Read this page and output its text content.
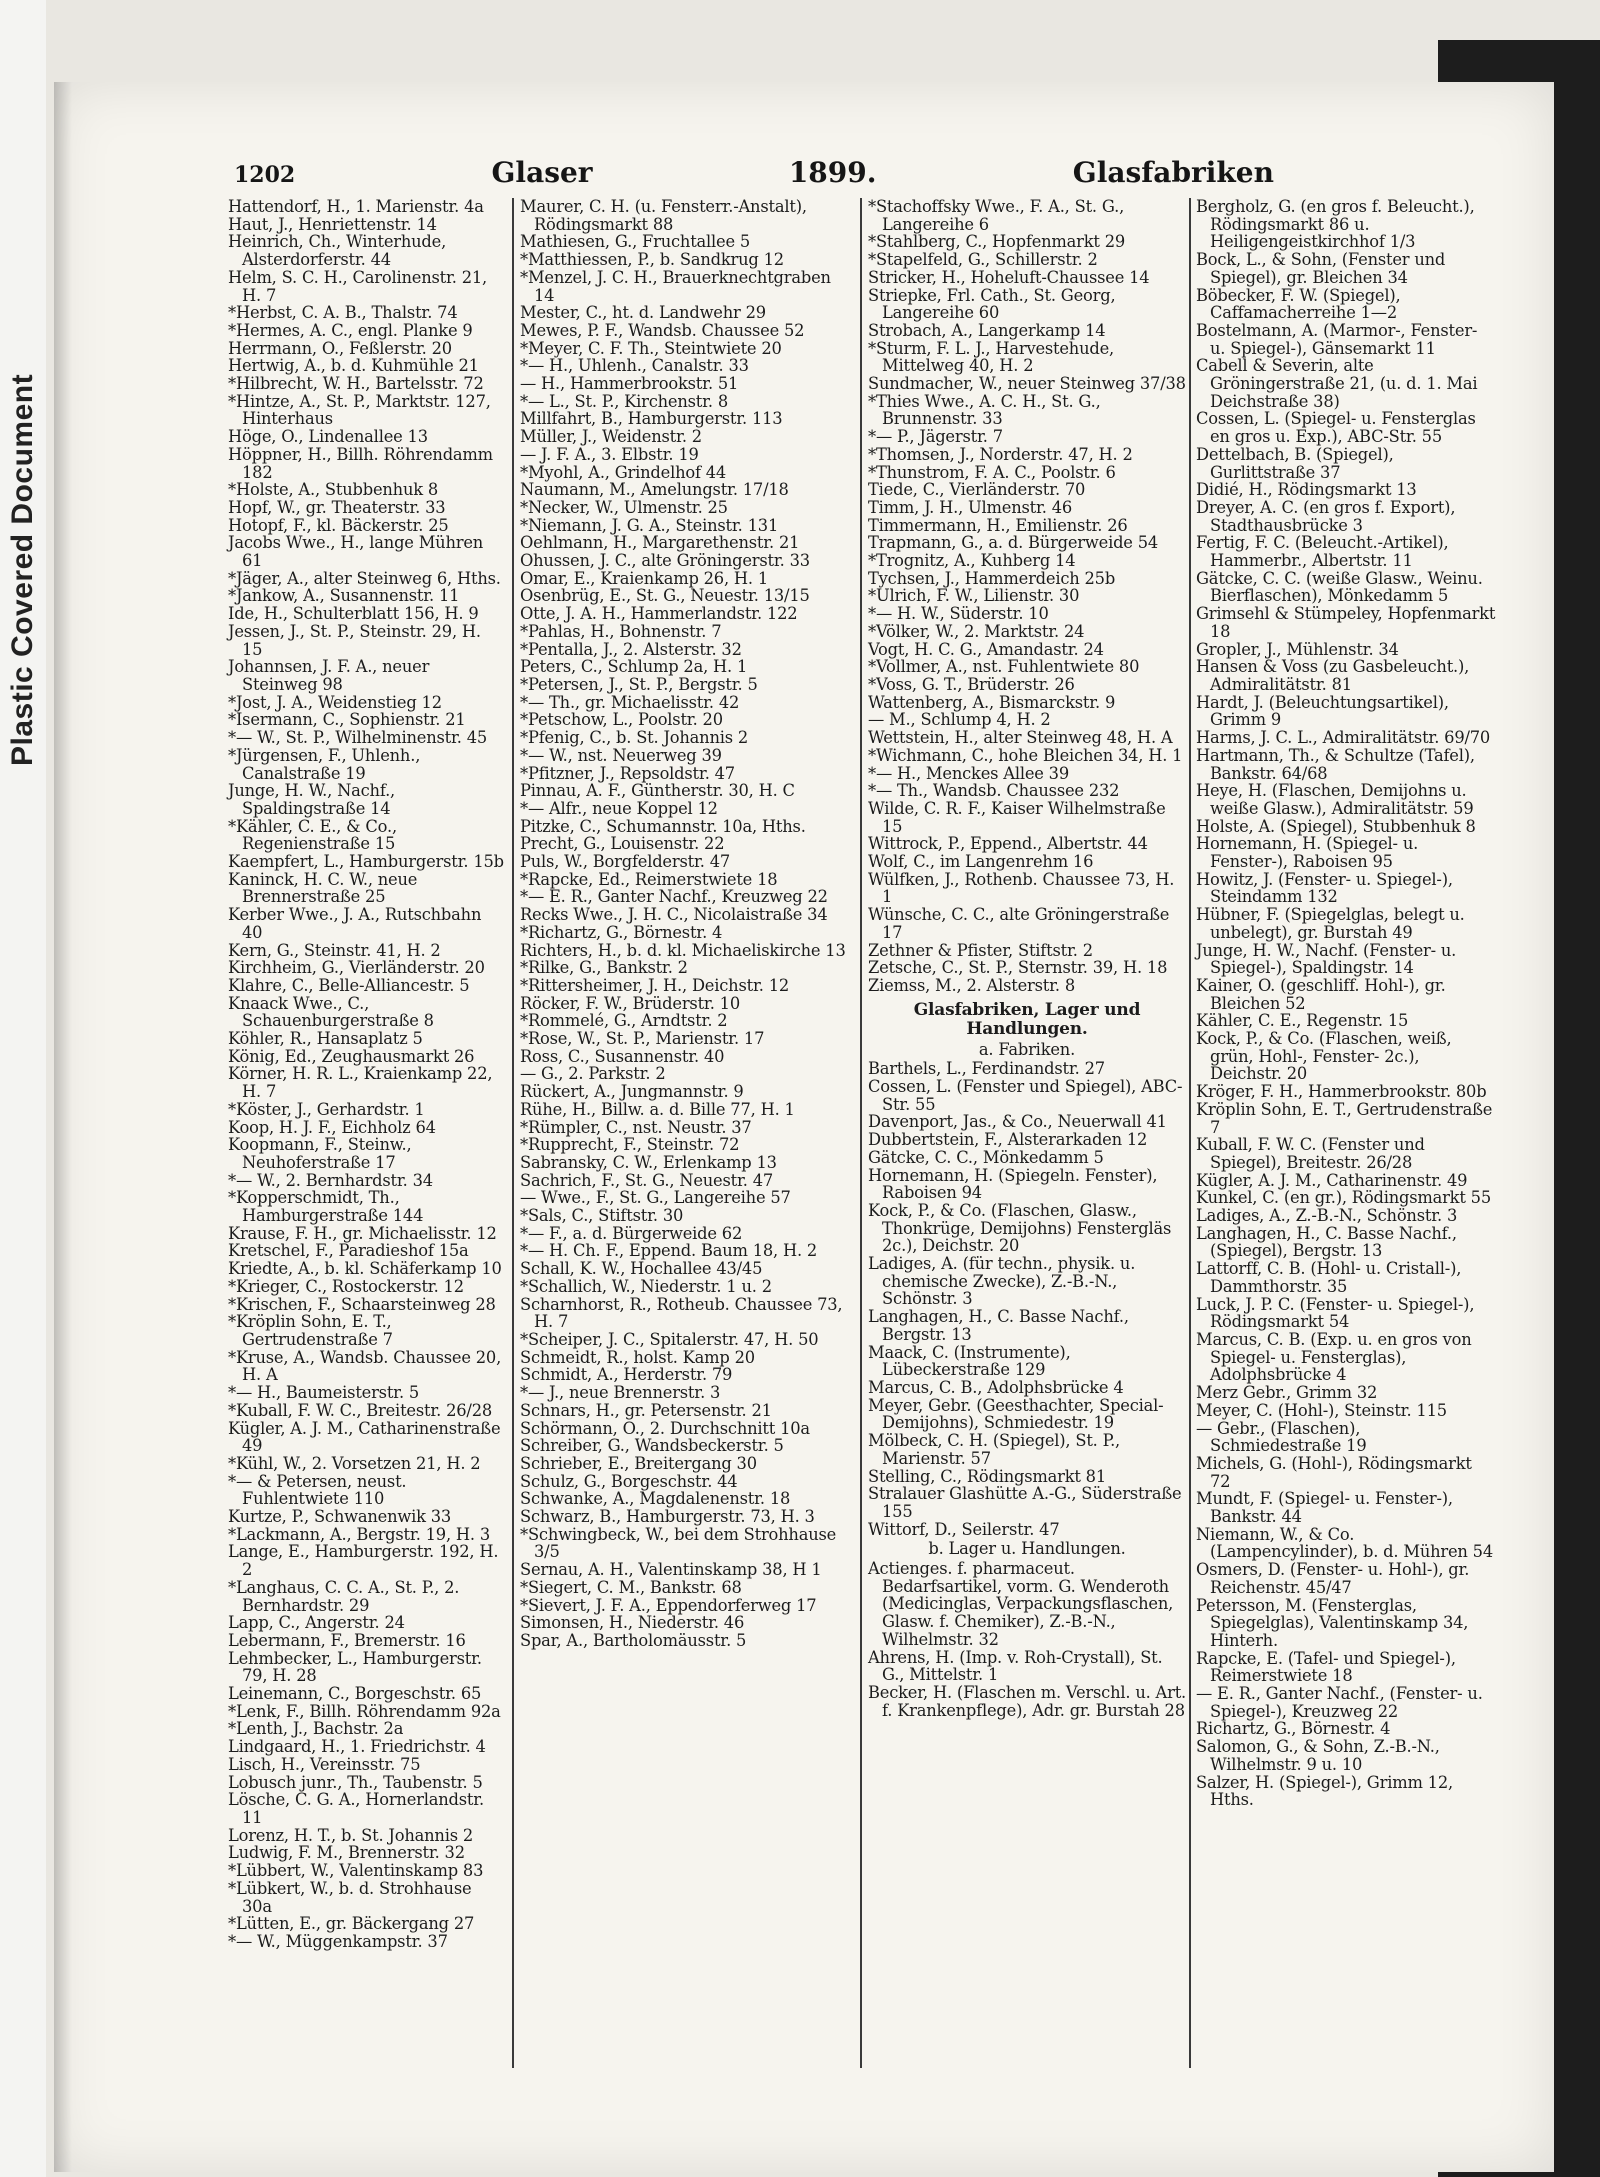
Plastic Covered Document
1202	Glaser	1899.	Glasfabriken

Hattendorf, H., 1. Marienstr. 4a

Haut, J., Henriettenstr. 14

Heinrich, Ch., Winterhude, Alsterdorferstr. 44

Helm, S. C. H., Carolinenstr. 21, H. 7

*Herbst, C. A. B., Thalstr. 74

*Hermes, A. C., engl. Planke 9

Herrmann, O., Feßlerstr. 20

Hertwig, A., b. d. Kuhmühle 21

*Hilbrecht, W. H., Bartelsstr. 72

*Hintze, A., St. P., Marktstr. 127, Hinterhaus

Höge, O., Lindenallee 13

Höppner, H., Billh. Röhrendamm 182

*Holste, A., Stubbenhuk 8

Hopf, W., gr. Theaterstr. 33

Hotopf, F., kl. Bäckerstr. 25

Jacobs Wwe., H., lange Mühren 61

*Jäger, A., alter Steinweg 6, Hths.

*Jankow, A., Susannenstr. 11

Ide, H., Schulterblatt 156, H. 9

Jessen, J., St. P., Steinstr. 29, H. 15

Johannsen, J. F. A., neuer Steinweg 98

*Jost, J. A., Weidenstieg 12

*Isermann, C., Sophienstr. 21

*— W., St. P., Wilhelminenstr. 45

*Jürgensen, F., Uhlenh., Canalstraße 19

Junge, H. W., Nachf., Spaldingstraße 14

*Kähler, C. E., & Co., Regenienstraße 15

Kaempfert, L., Hamburgerstr. 15b

Kaninck, H. C. W., neue Brennerstraße 25

Kerber Wwe., J. A., Rutschbahn 40

Kern, G., Steinstr. 41, H. 2

Kirchheim, G., Vierländerstr. 20

Klahre, C., Belle-Alliancestr. 5

Knaack Wwe., C., Schauenburgerstraße 8

Köhler, R., Hansaplatz 5

König, Ed., Zeughausmarkt 26

Körner, H. R. L., Kraienkamp 22, H. 7

*Köster, J., Gerhardstr. 1

Koop, H. J. F., Eichholz 64

Koopmann, F., Steinw., Neuhoferstraße 17

*— W., 2. Bernhardstr. 34

*Kopperschmidt, Th., Hamburgerstraße 144

Krause, F. H., gr. Michaelisstr. 12

Kretschel, F., Paradieshof 15a

Kriedte, A., b. kl. Schäferkamp 10

*Krieger, C., Rostockerstr. 12

*Krischen, F., Schaarsteinweg 28

*Kröplin Sohn, E. T., Gertrudenstraße 7

*Kruse, A., Wandsb. Chaussee 20, H. A

*— H., Baumeisterstr. 5

*Kuball, F. W. C., Breitestr. 26/28

Kügler, A. J. M., Catharinenstraße 49

*Kühl, W., 2. Vorsetzen 21, H. 2

*— & Petersen, neust. Fuhlentwiete 110

Kurtze, P., Schwanenwik 33

*Lackmann, A., Bergstr. 19, H. 3

Lange, E., Hamburgerstr. 192, H. 2

*Langhaus, C. C. A., St. P., 2. Bernhardstr. 29

Lapp, C., Angerstr. 24

Lebermann, F., Bremerstr. 16

Lehmbecker, L., Hamburgerstr. 79, H. 28

Leinemann, C., Borgeschstr. 65

*Lenk, F., Billh. Röhrendamm 92a

*Lenth, J., Bachstr. 2a

Lindgaard, H., 1. Friedrichstr. 4

Lisch, H., Vereinsstr. 75

Lobusch junr., Th., Taubenstr. 5

Lösche, C. G. A., Hornerlandstr. 11

Lorenz, H. T., b. St. Johannis 2

Ludwig, F. M., Brennerstr. 32

*Lübbert, W., Valentinskamp 83

*Lübkert, W., b. d. Strohhause 30a

*Lütten, E., gr. Bäckergang 27

*— W., Müggenkampstr. 37

Maurer, C. H. (u. Fensterr.-Anstalt), Rödingsmarkt 88

Mathiesen, G., Fruchtallee 5

*Matthiessen, P., b. Sandkrug 12

*Menzel, J. C. H., Brauerknechtgraben 14

Mester, C., ht. d. Landwehr 29

Mewes, P. F., Wandsb. Chaussee 52

*Meyer, C. F. Th., Steintwiete 20

*— H., Uhlenh., Canalstr. 33

— H., Hammerbrookstr. 51

*— L., St. P., Kirchenstr. 8

Millfahrt, B., Hamburgerstr. 113

Müller, J., Weidenstr. 2

— J. F. A., 3. Elbstr. 19

*Myohl, A., Grindelhof 44

Naumann, M., Amelungstr. 17/18

*Necker, W., Ulmenstr. 25

*Niemann, J. G. A., Steinstr. 131

Oehlmann, H., Margarethenstr. 21

Ohussen, J. C., alte Gröningerstr. 33

Omar, E., Kraienkamp 26, H. 1

Osenbrüg, E., St. G., Neuestr. 13/15

Otte, J. A. H., Hammerlandstr. 122

*Pahlas, H., Bohnenstr. 7

*Pentalla, J., 2. Alsterstr. 32

Peters, C., Schlump 2a, H. 1

*Petersen, J., St. P., Bergstr. 5

*— Th., gr. Michaelisstr. 42

*Petschow, L., Poolstr. 20

*Pfenig, C., b. St. Johannis 2

*— W., nst. Neuerweg 39

*Pfitzner, J., Repsoldstr. 47

Pinnau, A. F., Güntherstr. 30, H. C

*— Alfr., neue Koppel 12

Pitzke, C., Schumannstr. 10a, Hths.

Precht, G., Louisenstr. 22

Puls, W., Borgfelderstr. 47

*Rapcke, Ed., Reimerstwiete 18

*— E. R., Ganter Nachf., Kreuzweg 22

Recks Wwe., J. H. C., Nicolaistraße 34

*Richartz, G., Börnestr. 4

Richters, H., b. d. kl. Michaeliskirche 13

*Rilke, G., Bankstr. 2

*Rittersheimer, J. H., Deichstr. 12

Röcker, F. W., Brüderstr. 10

*Rommelé, G., Arndtstr. 2

*Rose, W., St. P., Marienstr. 17

Ross, C., Susannenstr. 40

— G., 2. Parkstr. 2

Rückert, A., Jungmannstr. 9

Rühe, H., Billw. a. d. Bille 77, H. 1

*Rümpler, C., nst. Neustr. 37

*Rupprecht, F., Steinstr. 72

Sabransky, C. W., Erlenkamp 13

Sachrich, F., St. G., Neuestr. 47

— Wwe., F., St. G., Langereihe 57

*Sals, C., Stiftstr. 30

*— F., a. d. Bürgerweide 62

*— H. Ch. F., Eppend. Baum 18, H. 2

Schall, K. W., Hochallee 43/45

*Schallich, W., Niederstr. 1 u. 2

Scharnhorst, R., Rotheub. Chaussee 73, H. 7

*Scheiper, J. C., Spitalerstr. 47, H. 50

Schmeidt, R., holst. Kamp 20

Schmidt, A., Herderstr. 79

*— J., neue Brennerstr. 3

Schnars, H., gr. Petersenstr. 21

Schörmann, O., 2. Durchschnitt 10a

Schreiber, G., Wandsbeckerstr. 5

Schrieber, E., Breitergang 30

Schulz, G., Borgeschstr. 44

Schwanke, A., Magdalenenstr. 18

Schwarz, B., Hamburgerstr. 73, H. 3

*Schwingbeck, W., bei dem Strohhause 3/5

Sernau, A. H., Valentinskamp 38, H 1

*Siegert, C. M., Bankstr. 68

*Sievert, J. F. A., Eppendorferweg 17

Simonsen, H., Niederstr. 46

Spar, A., Bartholomäusstr. 5

*Stachoffsky Wwe., F. A., St. G., Langereihe 6

*Stahlberg, C., Hopfenmarkt 29

*Stapelfeld, G., Schillerstr. 2

Stricker, H., Hoheluft-Chaussee 14

Striepke, Frl. Cath., St. Georg, Langereihe 60

Strobach, A., Langerkamp 14

*Sturm, F. L. J., Harvestehude, Mittelweg 40, H. 2

Sundmacher, W., neuer Steinweg 37/38

*Thies Wwe., A. C. H., St. G., Brunnenstr. 33

*— P., Jägerstr. 7

*Thomsen, J., Norderstr. 47, H. 2

*Thunstrom, F. A. C., Poolstr. 6

Tiede, C., Vierländerstr. 70

Timm, J. H., Ulmenstr. 46

Timmermann, H., Emilienstr. 26

Trapmann, G., a. d. Bürgerweide 54

*Trognitz, A., Kuhberg 14

Tychsen, J., Hammerdeich 25b

*Ulrich, F. W., Lilienstr. 30

*— H. W., Süderstr. 10

*Völker, W., 2. Marktstr. 24

Vogt, H. C. G., Amandastr. 24

*Vollmer, A., nst. Fuhlentwiete 80

*Voss, G. T., Brüderstr. 26

Wattenberg, A., Bismarckstr. 9

— M., Schlump 4, H. 2

Wettstein, H., alter Steinweg 48, H. A

*Wichmann, C., hohe Bleichen 34, H. 1

*— H., Menckes Allee 39

*— Th., Wandsb. Chaussee 232

Wilde, C. R. F., Kaiser Wilhelmstraße 15

Wittrock, P., Eppend., Albertstr. 44

Wolf, C., im Langenrehm 16

Wülfken, J., Rothenb. Chaussee 73, H. 1

Wünsche, C. C., alte Gröningerstraße 17

Zethner & Pfister, Stiftstr. 2

Zetsche, C., St. P., Sternstr. 39, H. 18

Ziemss, M., 2. Alsterstr. 8

Glasfabriken, Lager und Handlungen.

a. Fabriken.

Barthels, L., Ferdinandstr. 27

Cossen, L. (Fenster und Spiegel), ABC-Str. 55

Davenport, Jas., & Co., Neuerwall 41

Dubbertstein, F., Alsterarkaden 12

Gätcke, C. C., Mönkedamm 5

Hornemann, H. (Spiegeln. Fenster), Raboisen 94

Kock, P., & Co. (Flaschen, Glasw., Thonkrüge, Demijohns) Fenstergläs 2c.), Deichstr. 20

Ladiges, A. (für techn., physik. u. chemische Zwecke), Z.-B.-N., Schönstr. 3

Langhagen, H., C. Basse Nachf., Bergstr. 13

Maack, C. (Instrumente), Lübeckerstraße 129

Marcus, C. B., Adolphsbrücke 4

Meyer, Gebr. (Geesthachter, Special-Demijohns), Schmiedestr. 19

Mölbeck, C. H. (Spiegel), St. P., Marienstr. 57

Stelling, C., Rödingsmarkt 81

Stralauer Glashütte A.-G., Süderstraße 155

Wittorf, D., Seilerstr. 47

b. Lager u. Handlungen.

Actienges. f. pharmaceut. Bedarfsartikel, vorm. G. Wenderoth (Medicinglas, Verpackungsflaschen, Glasw. f. Chemiker), Z.-B.-N., Wilhelmstr. 32

Ahrens, H. (Imp. v. Roh-Crystall), St. G., Mittelstr. 1

Becker, H. (Flaschen m. Verschl. u. Art. f. Krankenpflege), Adr. gr. Burstah 28

Bergholz, G. (en gros f. Beleucht.), Rödingsmarkt 86 u. Heiligengeistkirchhof 1/3

Bock, L., & Sohn, (Fenster und Spiegel), gr. Bleichen 34

Böbecker, F. W. (Spiegel), Caffamacherreihe 1—2

Bostelmann, A. (Marmor-, Fenster- u. Spiegel-), Gänsemarkt 11

Cabell & Severin, alte Gröningerstraße 21, (u. d. 1. Mai Deichstraße 38)

Cossen, L. (Spiegel- u. Fensterglas en gros u. Exp.), ABC-Str. 55

Dettelbach, B. (Spiegel), Gurlittstraße 37

Didié, H., Rödingsmarkt 13

Dreyer, A. C. (en gros f. Export), Stadthausbrücke 3

Fertig, F. C. (Beleucht.-Artikel), Hammerbr., Albertstr. 11

Gätcke, C. C. (weiße Glasw., Weinu. Bierflaschen), Mönkedamm 5

Grimsehl & Stümpeley, Hopfenmarkt 18

Gropler, J., Mühlenstr. 34

Hansen & Voss (zu Gasbeleucht.), Admiralitätstr. 81

Hardt, J. (Beleuchtungsartikel), Grimm 9

Harms, J. C. L., Admiralitätstr. 69/70

Hartmann, Th., & Schultze (Tafel), Bankstr. 64/68

Heye, H. (Flaschen, Demijohns u. weiße Glasw.), Admiralitätstr. 59

Holste, A. (Spiegel), Stubbenhuk 8

Hornemann, H. (Spiegel- u. Fenster-), Raboisen 95

Howitz, J. (Fenster- u. Spiegel-), Steindamm 132

Hübner, F. (Spiegelglas, belegt u. unbelegt), gr. Burstah 49

Junge, H. W., Nachf. (Fenster- u. Spiegel-), Spaldingstr. 14

Kainer, O. (geschliff. Hohl-), gr. Bleichen 52

Kähler, C. E., Regenstr. 15

Kock, P., & Co. (Flaschen, weiß, grün, Hohl-, Fenster- 2c.), Deichstr. 20

Kröger, F. H., Hammerbrookstr. 80b

Kröplin Sohn, E. T., Gertrudenstraße 7

Kuball, F. W. C. (Fenster und Spiegel), Breitestr. 26/28

Kügler, A. J. M., Catharinenstr. 49

Kunkel, C. (en gr.), Rödingsmarkt 55

Ladiges, A., Z.-B.-N., Schönstr. 3

Langhagen, H., C. Basse Nachf., (Spiegel), Bergstr. 13

Lattorff, C. B. (Hohl- u. Cristall-), Dammthorstr. 35

Luck, J. P. C. (Fenster- u. Spiegel-), Rödingsmarkt 54

Marcus, C. B. (Exp. u. en gros von Spiegel- u. Fensterglas), Adolphsbrücke 4

Merz Gebr., Grimm 32

Meyer, C. (Hohl-), Steinstr. 115

— Gebr., (Flaschen), Schmiedestraße 19

Michels, G. (Hohl-), Rödingsmarkt 72

Mundt, F. (Spiegel- u. Fenster-), Bankstr. 44

Niemann, W., & Co. (Lampencylinder), b. d. Mühren 54

Osmers, D. (Fenster- u. Hohl-), gr. Reichenstr. 45/47

Petersson, M. (Fensterglas, Spiegelglas), Valentinskamp 34, Hinterh.

Rapcke, E. (Tafel- und Spiegel-), Reimerstwiete 18

— E. R., Ganter Nachf., (Fenster- u. Spiegel-), Kreuzweg 22

Richartz, G., Börnestr. 4

Salomon, G., & Sohn, Z.-B.-N., Wilhelmstr. 9 u. 10

Salzer, H. (Spiegel-), Grimm 12, Hths.
